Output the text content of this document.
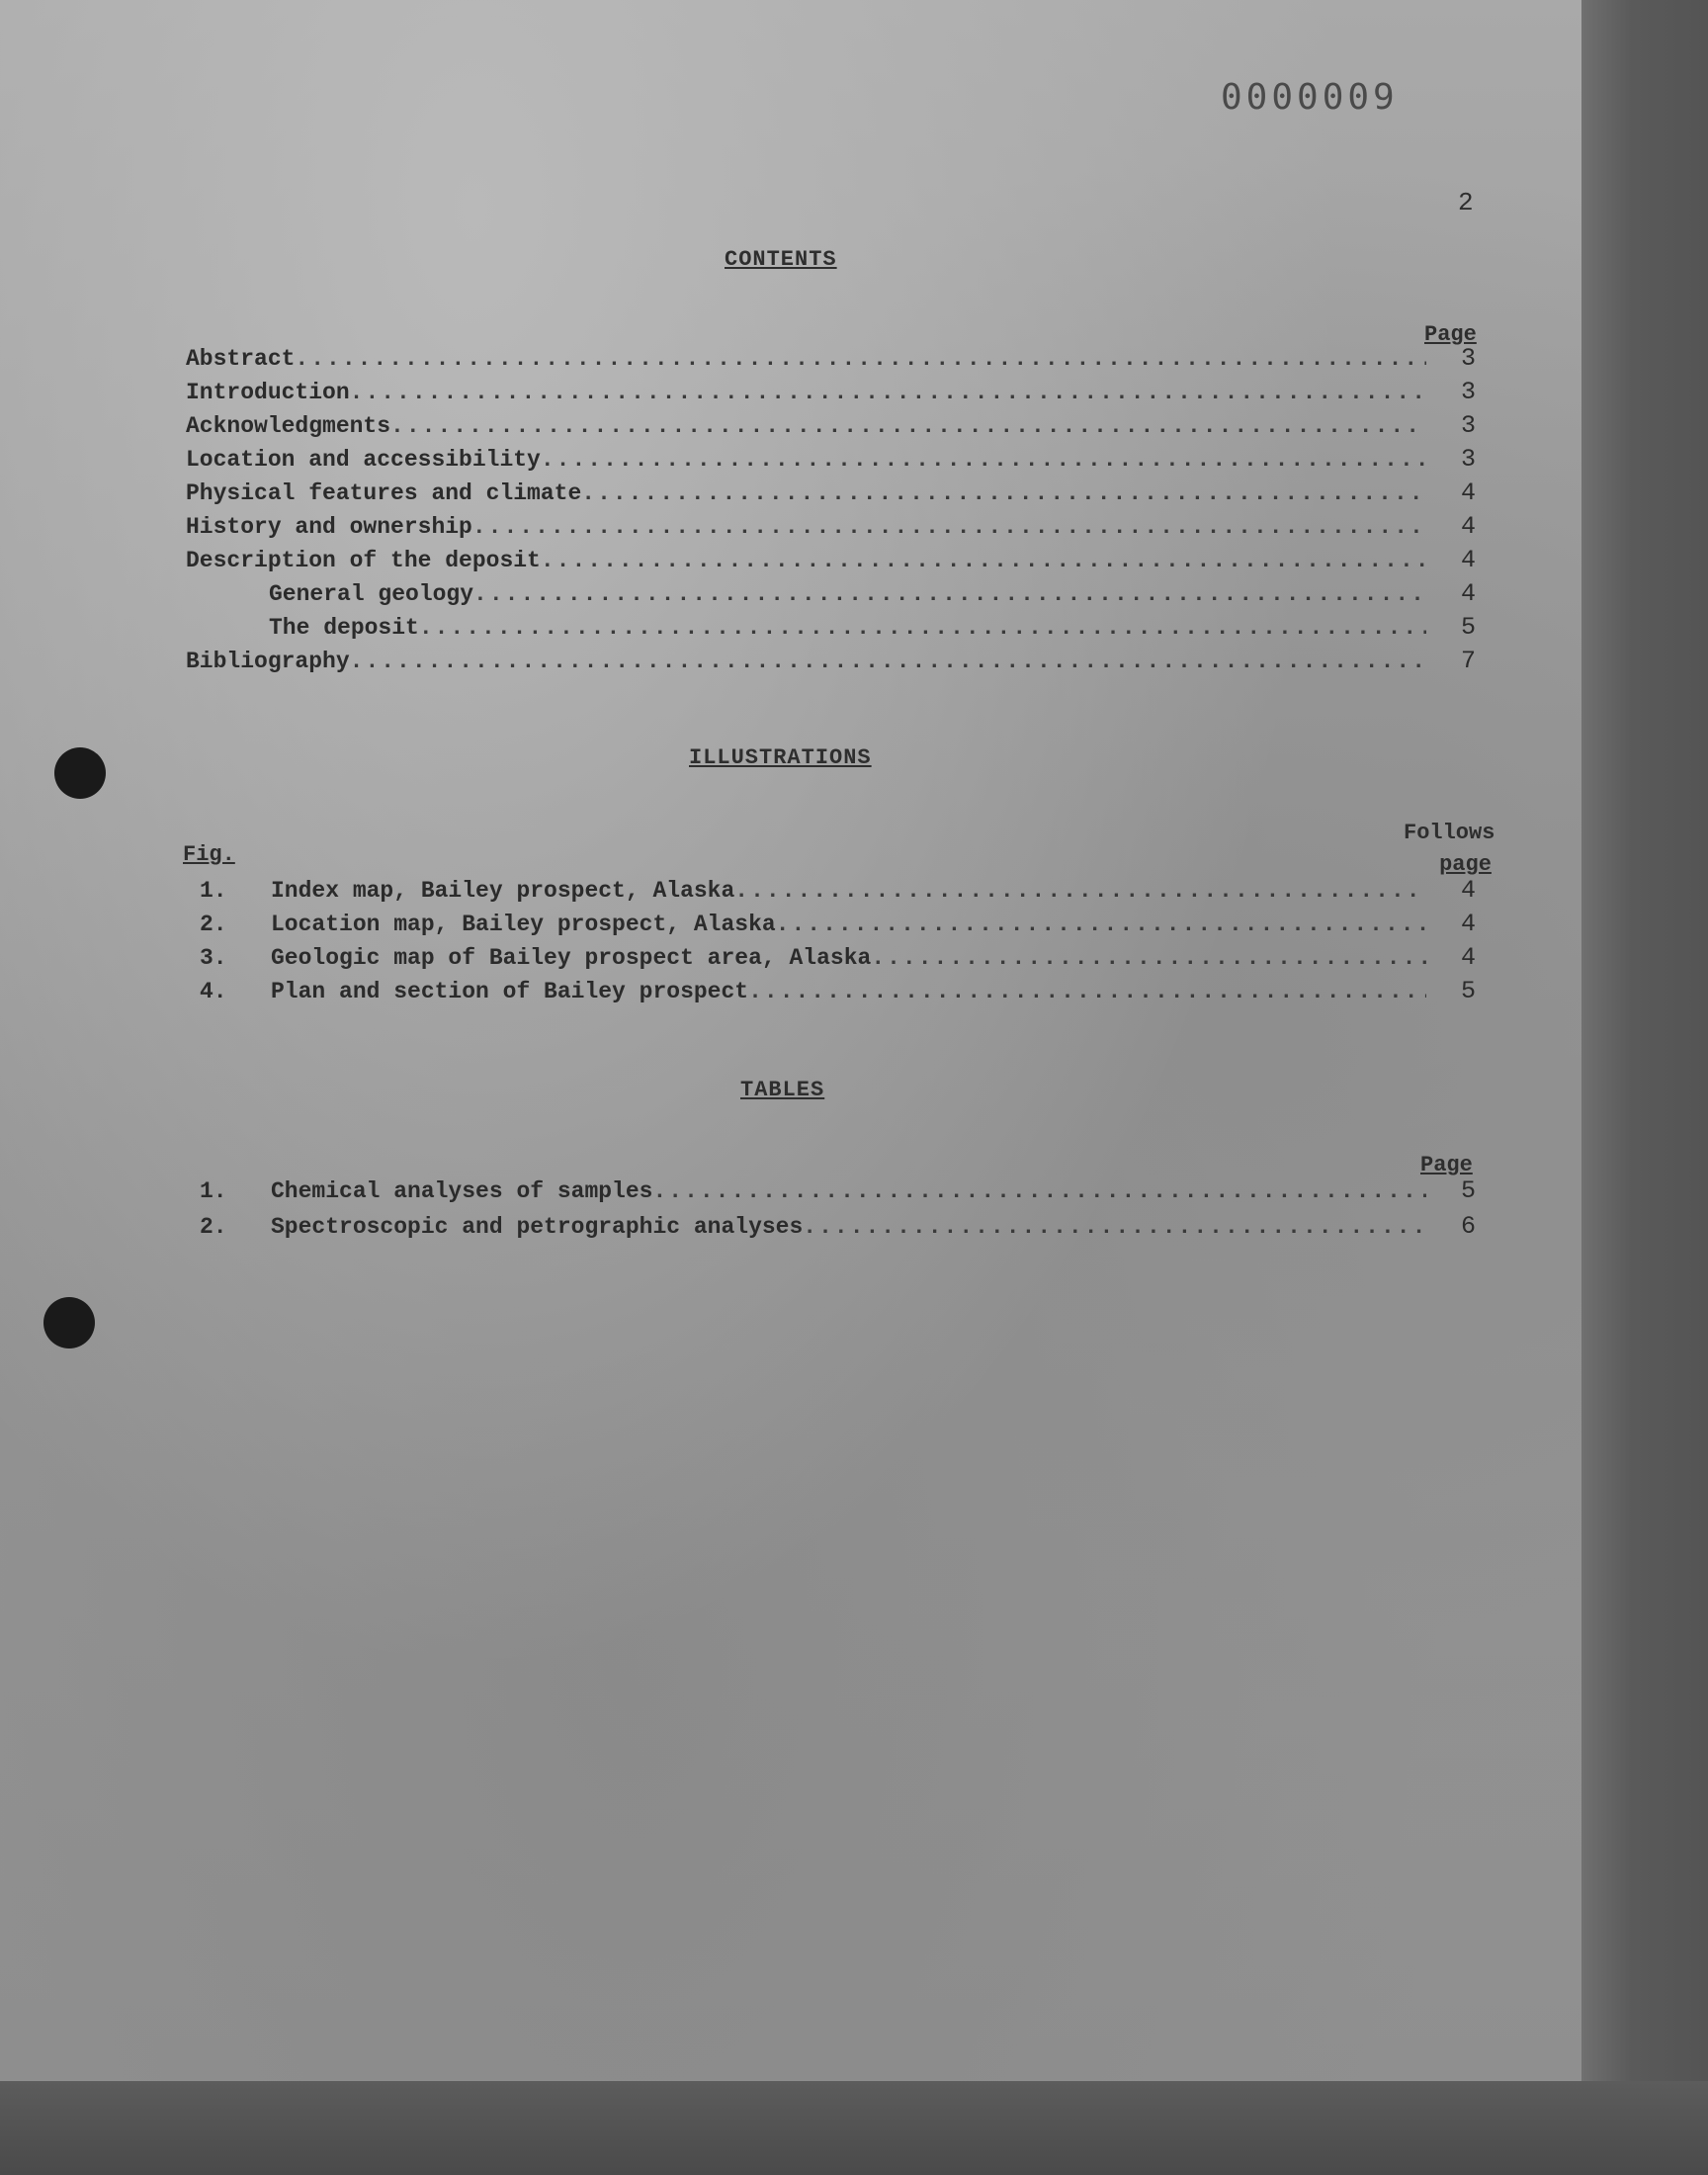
0000009
2
CONTENTS
Page
Abstract .....	3
Introduction .....	3
Acknowledgments .....	3
Location and accessibility .....	3
Physical features and climate .....	4
History and ownership .....	4
Description of the deposit .....	4
General geology .....	4
The deposit .....	5
Bibliography .....	7
ILLUSTRATIONS
Fig.
Follows
page
1.	Index map, Bailey prospect, Alaska .....	4
2.	Location map, Bailey prospect, Alaska .....	4
3.	Geologic map of Bailey prospect area, Alaska .....	4
4.	Plan and section of Bailey prospect .....	5
TABLES
Page
1.	Chemical analyses of samples .....	5
2.	Spectroscopic and petrographic analyses .....	6
